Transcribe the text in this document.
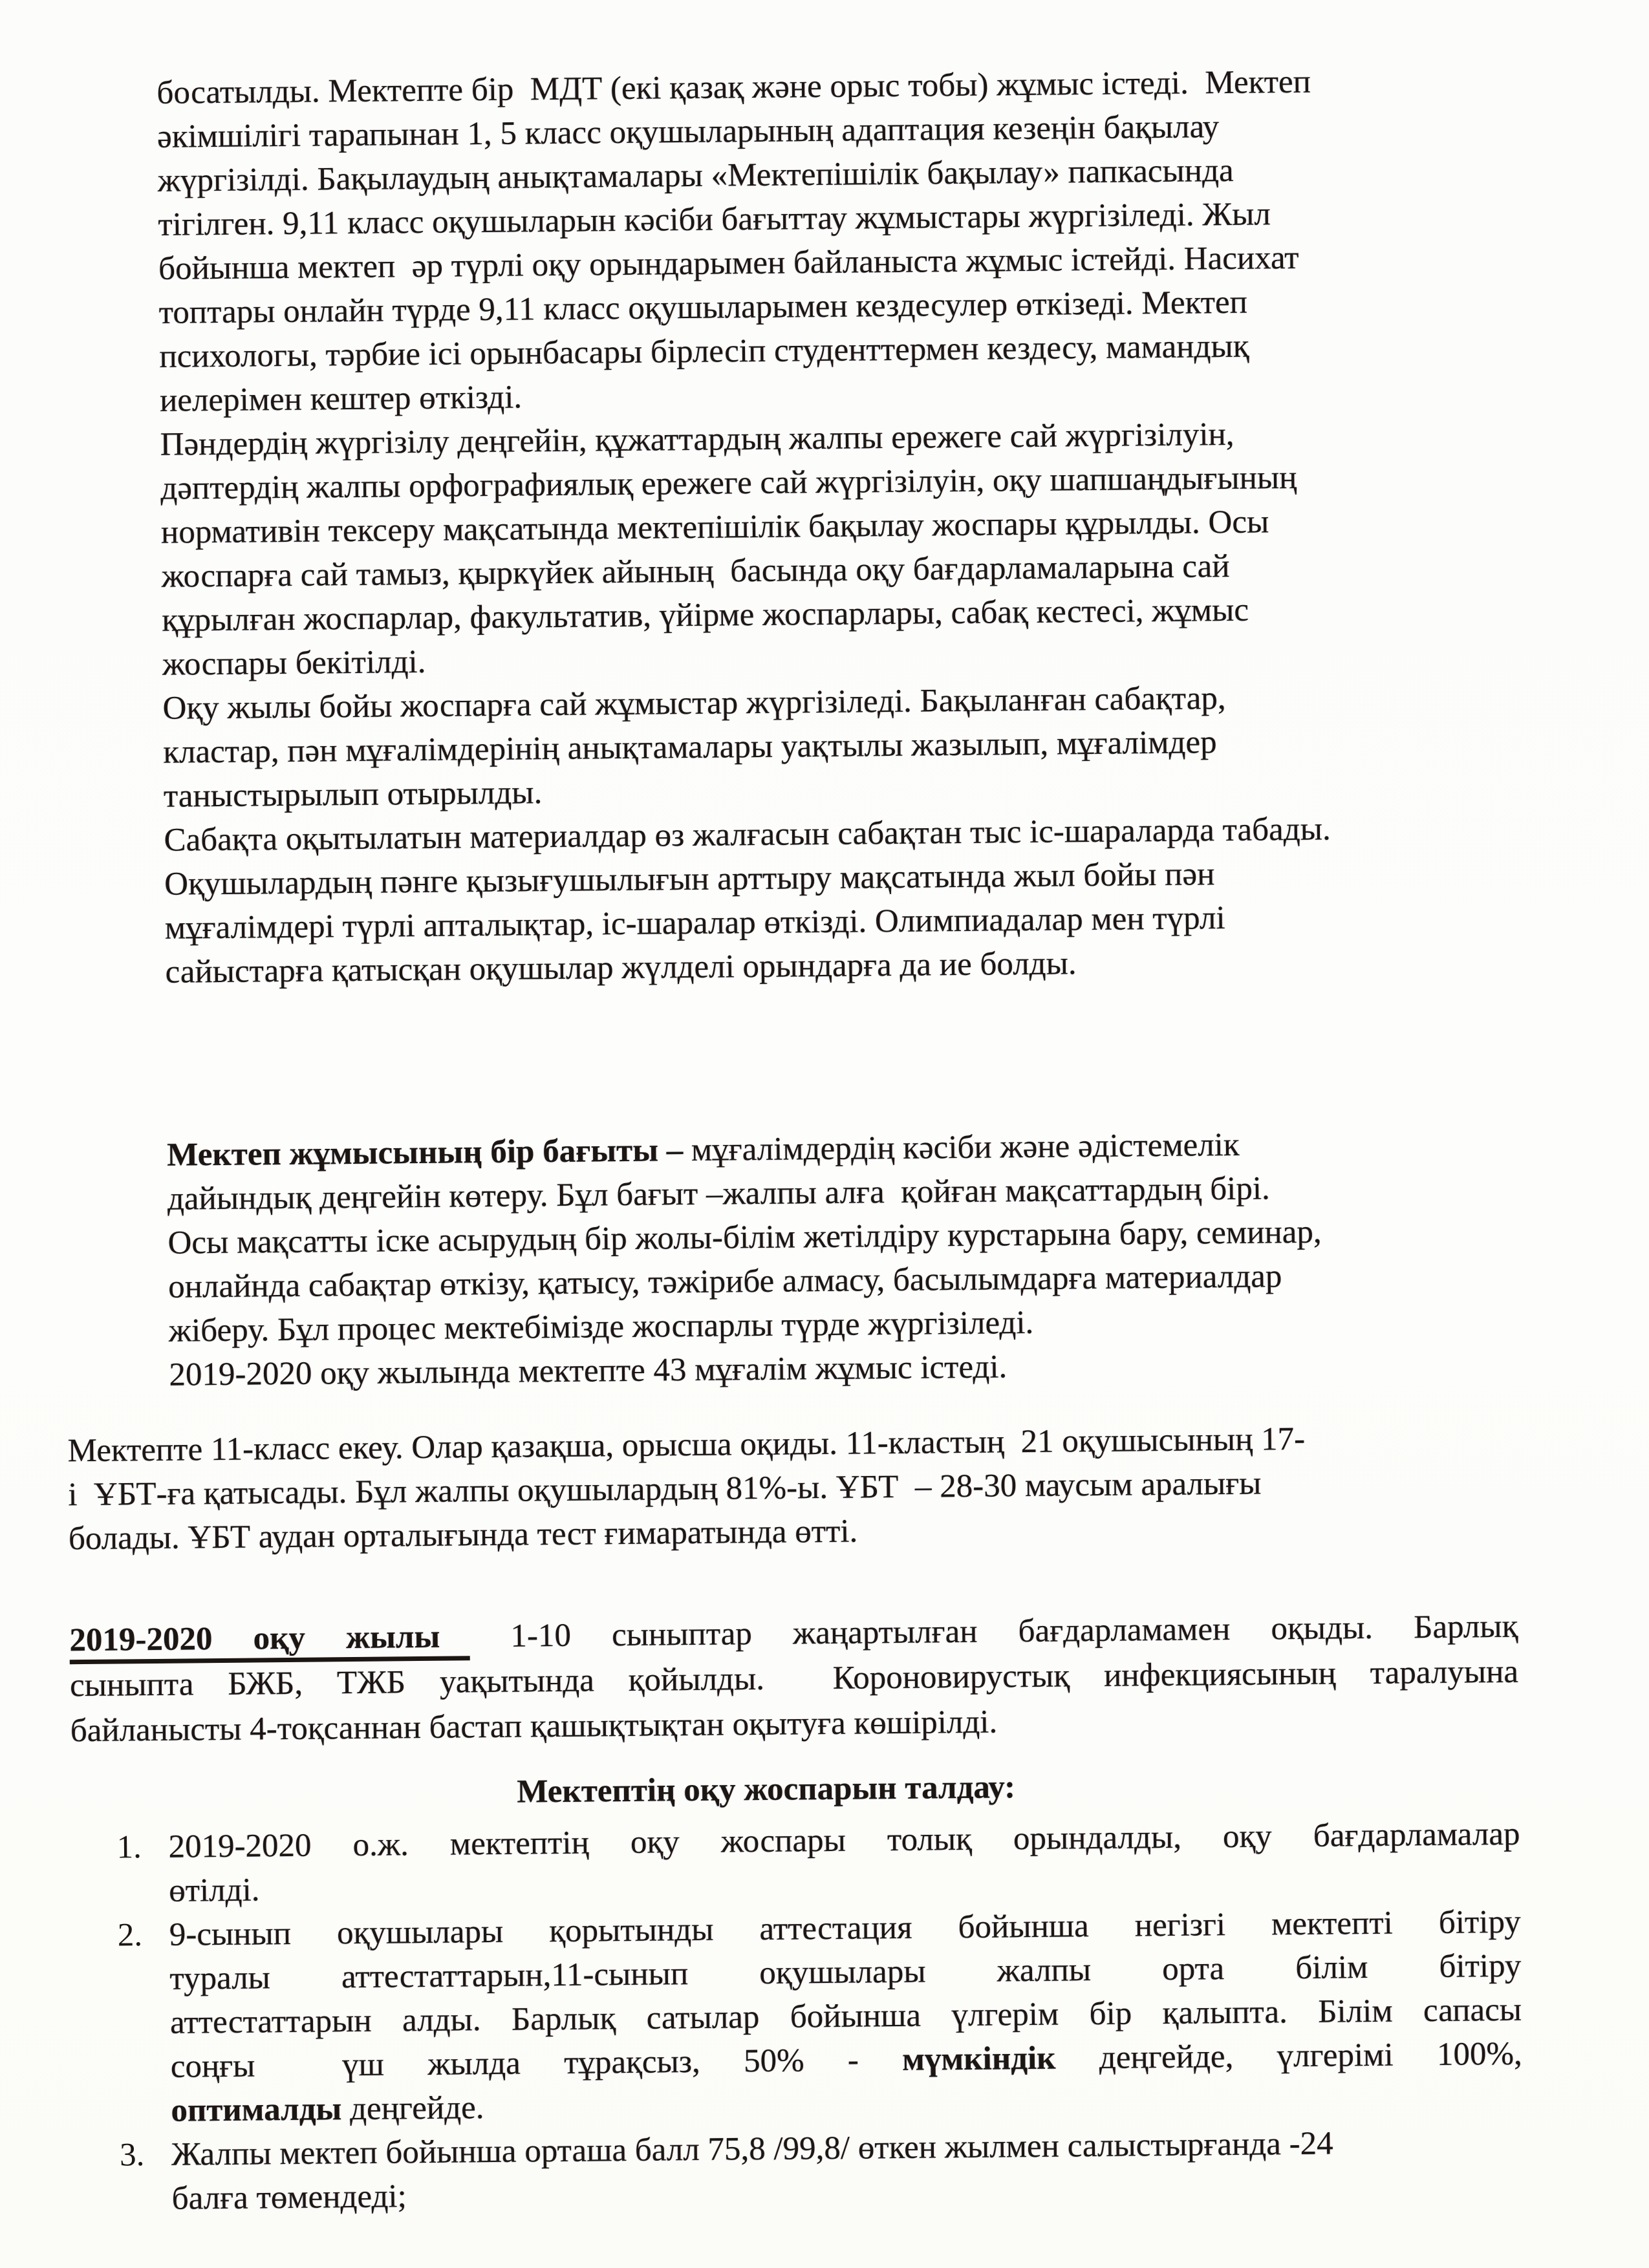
босатылды. Мектепте бір  МДТ (екі қазақ және орыс тобы) жұмыс істеді.  Мектеп
әкімшілігі тарапынан 1, 5 класс оқушыларының адаптация кезеңін бақылау
жүргізілді. Бақылаудың анықтамалары «Мектепішілік бақылау» папкасында
тігілген. 9,11 класс оқушыларын кәсіби бағыттау жұмыстары жүргізіледі. Жыл
бойынша мектеп  әр түрлі оқу орындарымен байланыста жұмыс істейді. Насихат
топтары онлайн түрде 9,11 класс оқушыларымен кездесулер өткізеді. Мектеп
психологы, тәрбие ісі орынбасары бірлесіп студенттермен кездесу, мамандық
иелерімен кештер өткізді.
Пәндердің жүргізілу деңгейін, құжаттардың жалпы ережеге сай жүргізілуін,
дәптердің жалпы орфографиялық ережеге сай жүргізілуін, оқу шапшаңдығының
нормативін тексеру мақсатында мектепішілік бақылау жоспары құрылды. Осы
жоспарға сай тамыз, қыркүйек айының  басында оқу бағдарламаларына сай
құрылған жоспарлар, факультатив, үйірме жоспарлары, сабақ кестесі, жұмыс
жоспары бекітілді.
Оқу жылы бойы жоспарға сай жұмыстар жүргізіледі. Бақыланған сабақтар,
кластар, пән мұғалімдерінің анықтамалары уақтылы жазылып, мұғалімдер
таныстырылып отырылды.
Сабақта оқытылатын материалдар өз жалғасын сабақтан тыс іс-шараларда табады.
Оқушылардың пәнге қызығушылығын арттыру мақсатында жыл бойы пән
мұғалімдері түрлі апталықтар, іс-шаралар өткізді. Олимпиадалар мен түрлі
сайыстарға қатысқан оқушылар жүлделі орындарға да ие болды.
Мектеп жұмысының бір бағыты – мұғалімдердің кәсіби және әдістемелік
дайындық деңгейін көтеру. Бұл бағыт –жалпы алға  қойған мақсаттардың бірі.
Осы мақсатты іске асырудың бір жолы-білім жетілдіру курстарына бару, семинар,
онлайнда сабақтар өткізу, қатысу, тәжірибе алмасу, басылымдарға материалдар
жіберу. Бұл процес мектебімізде жоспарлы түрде жүргізіледі.
2019-2020 оқу жылында мектепте 43 мұғалім жұмыс істеді.
Мектепте 11-класс екеу. Олар қазақша, орысша оқиды. 11-кластың  21 оқушысының 17-
і  ҰБТ-ға қатысады. Бұл жалпы оқушылардың 81%-ы. ҰБТ  – 28-30 маусым аралығы
болады. ҰБТ аудан орталығында тест ғимаратында өтті.
2019-2020 оқу жылы 1-10 сыныптар жаңартылған бағдарламамен оқыды. Барлық
сыныпта БЖБ, ТЖБ уақытында қойылды.  Короновирустық инфекциясының таралуына
байланысты 4-тоқсаннан бастап қашықтықтан оқытуға көшірілді.
Мектептің оқу жоспарын талдау:
1. 2019-2020 о.ж. мектептің оқу жоспары толық орындалды, оқу бағдарламалар
өтілді.
2. 9-сынып оқушылары қорытынды аттестация бойынша негізгі мектепті бітіру
туралы аттестаттарын,11-сынып оқушылары жалпы орта білім бітіру
аттестаттарын алды. Барлық сатылар бойынша үлгерім бір қалыпта. Білім сапасы
соңғы  үш жылда тұрақсыз, 50% - мүмкіндік деңгейде, үлгерімі 100%,
оптималды деңгейде.
3. Жалпы мектеп бойынша орташа балл 75,8 /99,8/ өткен жылмен салыстырғанда -24
балға төмендеді;
